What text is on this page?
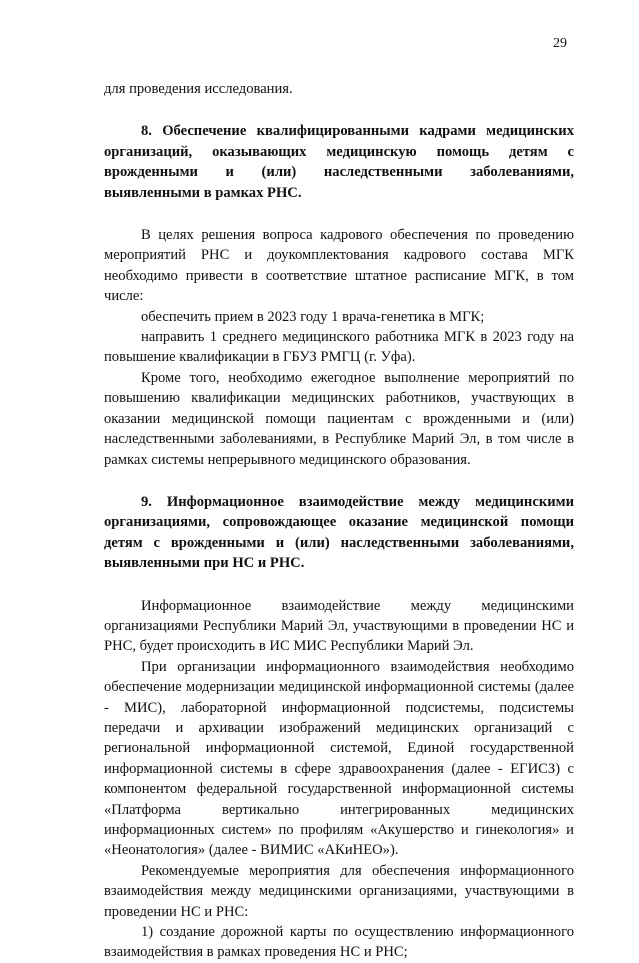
29

для проведения исследования.

8. Обеспечение квалифицированными кадрами медицинских организаций, оказывающих медицинскую помощь детям с врожденными и (или) наследственными заболеваниями, выявленными в рамках РНС.

В целях решения вопроса кадрового обеспечения по проведению мероприятий РНС и доукомплектования кадрового состава МГК необходимо привести в соответствие штатное расписание МГК, в том числе:

обеспечить прием в 2023 году 1 врача-генетика в МГК;

направить 1 среднего медицинского работника МГК в 2023 году на повышение квалификации в ГБУЗ РМГЦ (г. Уфа).

Кроме того, необходимо ежегодное выполнение мероприятий по повышению квалификации медицинских работников, участвующих в оказании медицинской помощи пациентам с врожденными и (или) наследственными заболеваниями, в Республике Марий Эл, в том числе в рамках системы непрерывного медицинского образования.

9. Информационное взаимодействие между медицинскими организациями, сопровождающее оказание медицинской помощи детям с врожденными и (или) наследственными заболеваниями, выявленными при НС и РНС.

Информационное взаимодействие между медицинскими организациями Республики Марий Эл, участвующими в проведении НС и РНС, будет происходить в ИС МИС Республики Марий Эл.

При организации информационного взаимодействия необходимо обеспечение модернизации медицинской информационной системы (далее - МИС), лабораторной информационной подсистемы, подсистемы передачи и архивации изображений медицинских организаций с региональной информационной системой, Единой государственной информационной системы в сфере здравоохранения (далее - ЕГИСЗ) с компонентом федеральной государственной информационной системы «Платформа вертикально интегрированных медицинских информационных систем» по профилям «Акушерство и гинекология» и «Неонатология» (далее - ВИМИС «АКиНЕО»).

Рекомендуемые мероприятия для обеспечения информационного взаимодействия между медицинскими организациями, участвующими в проведении НС и РНС:

1) создание дорожной карты по осуществлению информационного взаимодействия в рамках проведения НС и РНС;
